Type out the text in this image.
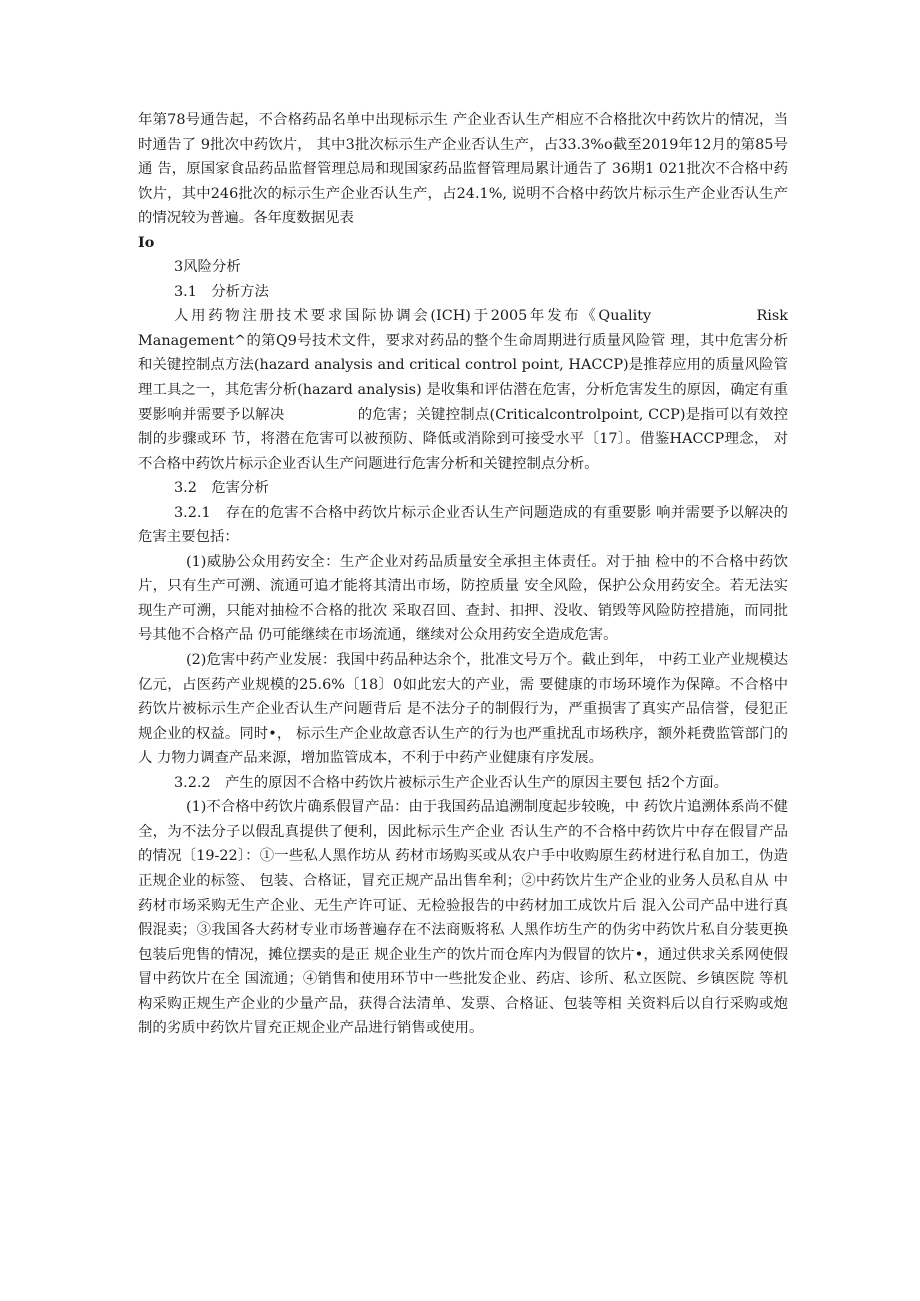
年第78号通告起，不合格药品名单中出现标示生 产企业否认生产相应不合格批次中药饮片的情况，当时通告了 9批次中药饮片， 其中3批次标示生产企业否认生产，占33.3%o截至2019年12月的第85号通 告，原国家食品药品监督管理总局和现国家药品监督管理局累计通告了 36期1 021批次不合格中药饮片，其中246批次的标示生产企业否认生产，占24.1%, 说明不合格中药饮片标示生产企业否认生产的情况较为普遍。各年度数据见表

Io

3风险分析

3.1　分析方法

人用药物注册技术要求国际协调会(ICH)于2005年发布《Quality　　　　　　Risk Management^的第Q9号技术文件，要求对药品的整个生命周期进行质量风险管 理，其中危害分析和关键控制点方法(hazard analysis and critical control point, HACCP)是推荐应用的质量风险管理工具之一，其危害分析(hazard analysis) 是收集和评估潜在危害，分析危害发生的原因，确定有重要影响并需要予以解决　　　　　的危害；关键控制点(Criticalcontrolpoint, CCP)是指可以有效控制的步骤或环 节，将潜在危害可以被预防、降低或消除到可接受水平〔17〕。借鉴HACCP理念， 对不合格中药饮片标示企业否认生产问题进行危害分析和关键控制点分析。

3.2　危害分析

3.2.1　存在的危害不合格中药饮片标示企业否认生产问题造成的有重要影 响并需要予以解决的危害主要包括：

(1)威胁公众用药安全：生产企业对药品质量安全承担主体责任。对于抽 检中的不合格中药饮片，只有生产可溯、流通可追才能将其清出市场，防控质量 安全风险，保护公众用药安全。若无法实现生产可溯，只能对抽检不合格的批次 采取召回、查封、扣押、没收、销毁等风险防控措施，而同批号其他不合格产品 仍可能继续在市场流通，继续对公众用药安全造成危害。

(2)危害中药产业发展：我国中药品种达余个，批准文号万个。截止到年， 中药工业产业规模达亿元，占医药产业规模的25.6%〔18〕0如此宏大的产业，需 要健康的市场环境作为保障。不合格中药饮片被标示生产企业否认生产问题背后 是不法分子的制假行为，严重损害了真实产品信誉，侵犯正规企业的权益。同时•， 标示生产企业故意否认生产的行为也严重扰乱市场秩序，额外耗费监管部门的人 力物力调查产品来源，增加监管成本，不利于中药产业健康有序发展。

3.2.2　产生的原因不合格中药饮片被标示生产企业否认生产的原因主要包 括2个方面。

(1)不合格中药饮片确系假冒产品：由于我国药品追溯制度起步较晚，中 药饮片追溯体系尚不健全，为不法分子以假乱真提供了便利，因此标示生产企业 否认生产的不合格中药饮片中存在假冒产品的情况〔19-22〕：①一些私人黑作坊从 药材市场购买或从农户手中收购原生药材进行私自加工，伪造正规企业的标签、 包装、合格证，冒充正规产品出售牟利；②中药饮片生产企业的业务人员私自从 中药材市场采购无生产企业、无生产许可证、无检验报告的中药材加工成饮片后 混入公司产品中进行真假混卖；③我国各大药材专业市场普遍存在不法商贩将私 人黑作坊生产的伪劣中药饮片私自分装更换包装后兜售的情况，摊位摆卖的是正 规企业生产的饮片而仓库内为假冒的饮片•，通过供求关系网使假冒中药饮片在全 国流通；④销售和使用环节中一些批发企业、药店、诊所、私立医院、乡镇医院 等机构采购正规生产企业的少量产品，获得合法清单、发票、合格证、包装等相 关资料后以自行采购或炮制的劣质中药饮片冒充正规企业产品进行销售或使用。
